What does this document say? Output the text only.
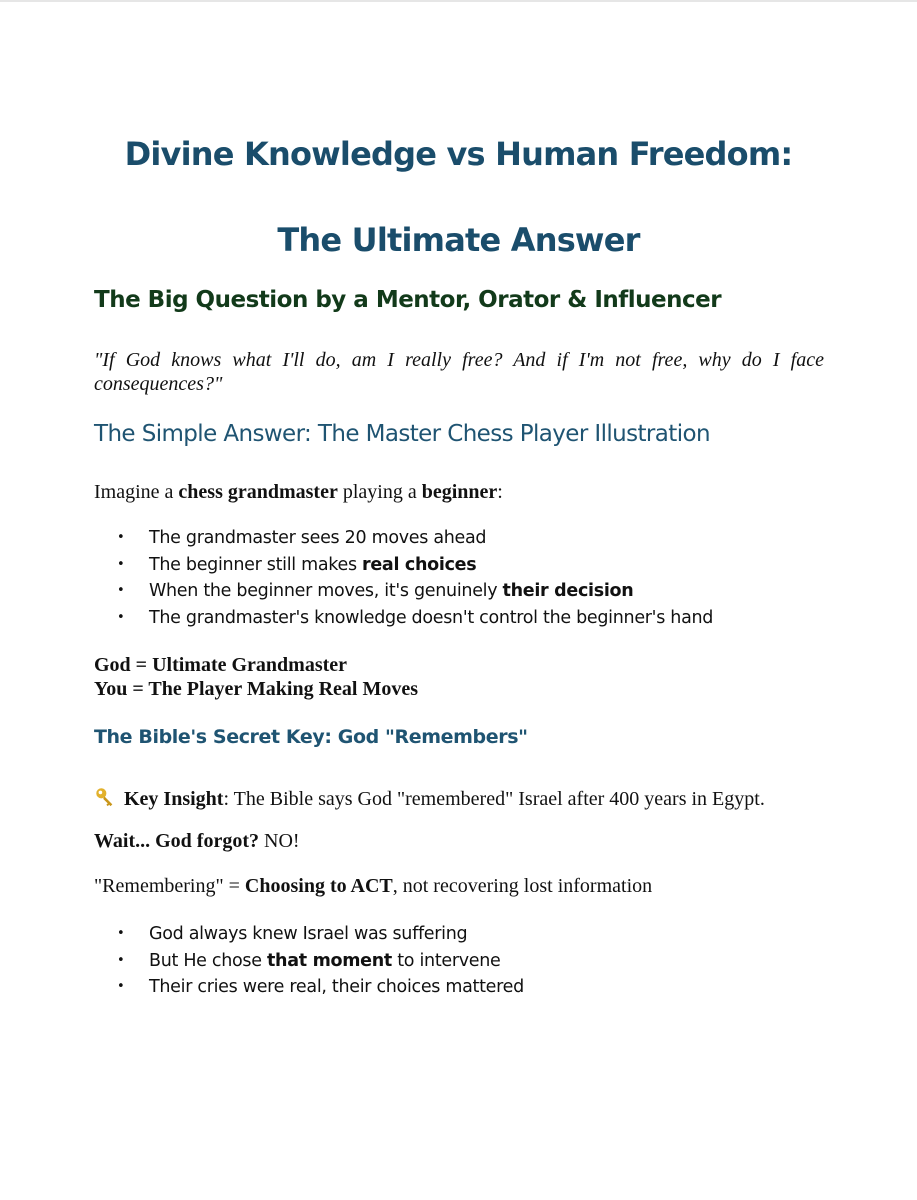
Divine Knowledge vs Human Freedom:
The Ultimate Answer
The Big Question by a Mentor, Orator & Influencer

"If God knows what I'll do, am I really free? And if I'm not free, why do I face consequences?"

The Simple Answer: The Master Chess Player Illustration

Imagine a chess grandmaster playing a beginner:

• The grandmaster sees 20 moves ahead
• The beginner still makes real choices
• When the beginner moves, it's genuinely their decision
• The grandmaster's knowledge doesn't control the beginner's hand
God = Ultimate Grandmaster
You = The Player Making Real Moves
The Bible's Secret Key: God "Remembers"

Key Insight: The Bible says God "remembered" Israel after 400 years in Egypt.

Wait... God forgot? NO!

"Remembering" = Choosing to ACT, not recovering lost information

• God always knew Israel was suffering
• But He chose that moment to intervene
• Their cries were real, their choices mattered
